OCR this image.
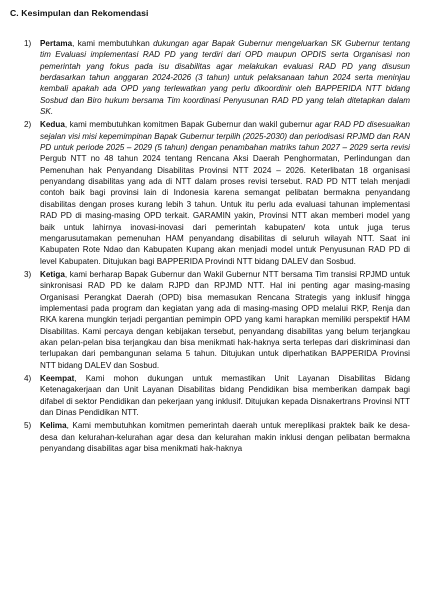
C. Kesimpulan dan Rekomendasi
1) Pertama, kami membutuhkan dukungan agar Bapak Gubernur mengeluarkan SK Gubernur tentang tim Evaluasi implementasi RAD PD yang terdiri dari OPD maupun OPDIS serta Organisasi non pemerintah yang fokus pada isu disabilitas agar melakukan evaluasi RAD PD yang disusun berdasarkan tahun anggaran 2024-2026 (3 tahun) untuk pelaksanaan tahun 2024 serta meninjau kembali apakah ada OPD yang terlewatkan yang perlu dikoordinir oleh BAPPERIDA NTT bidang Sosbud dan Biro hukum bersama Tim koordinasi Penyusunan RAD PD yang telah ditetapkan dalam SK.
2) Kedua, kami membutuhkan komitmen Bapak Gubernur dan wakil gubernur agar RAD PD disesuaikan sejalan visi misi kepemimpinan Bapak Gubernur terpilih (2025-2030) dan periodisasi RPJMD dan RAN PD untuk periode 2025 – 2029 (5 tahun) dengan penambahan matriks tahun 2027 – 2029 serta revisi Pergub NTT no 48 tahun 2024 tentang Rencana Aksi Daerah Penghormatan, Perlindungan dan Pemenuhan hak Penyandang Disabilitas Provinsi NTT 2024 – 2026. Keterlibatan 18 organisasi penyandang disabilitas yang ada di NTT dalam proses revisi tersebut. RAD PD NTT telah menjadi contoh baik bagi provinsi lain di Indonesia karena semangat pelibatan bermakna penyandang disabilitas dengan proses kurang lebih 3 tahun. Untuk itu perlu ada evaluasi tahunan implementasi RAD PD di masing-masing OPD terkait. GARAMIN yakin, Provinsi NTT akan memberi model yang baik untuk lahirnya inovasi-inovasi dari pemerintah kabupaten/ kota untuk juga terus mengarusutamakan pemenuhan HAM penyandang disabilitas di seluruh wilayah NTT. Saat ini Kabupaten Rote Ndao dan Kabupaten Kupang akan menjadi model untuk Penyusunan RAD PD di level Kabupaten. Ditujukan bagi BAPPERIDA Provindi NTT bidang DALEV dan Sosbud.
3) Ketiga, kami berharap Bapak Gubernur dan Wakil Gubernur NTT bersama Tim transisi RPJMD untuk sinkronisasi RAD PD ke dalam RJPD dan RPJMD NTT. Hal ini penting agar masing-masing Organisasi Perangkat Daerah (OPD) bisa memasukan Rencana Strategis yang inklusif hingga implementasi pada program dan kegiatan yang ada di masing-masing OPD melalui RKP, Renja dan RKA karena mungkin terjadi pergantian pemimpin OPD yang kami harapkan memiliki perspektif HAM Disabilitas. Kami percaya dengan kebijakan tersebut, penyandang disabilitas yang belum terjangkau akan pelan-pelan bisa terjangkau dan bisa menikmati hak-haknya serta terlepas dari diskriminasi dan terlupakan dari pembangunan selama 5 tahun. Ditujukan untuk diperhatikan BAPPERIDA Provinsi NTT bidang DALEV dan Sosbud.
4) Keempat, Kami mohon dukungan untuk memastikan Unit Layanan Disabilitas Bidang Ketenagakerjaan dan Unit Layanan Disabilitas bidang Pendidikan bisa memberikan dampak bagi difabel di sektor Pendidikan dan pekerjaan yang inklusif. Ditujukan kepada Disnakertrans Provinsi NTT dan Dinas Pendidikan NTT.
5) Kelima, Kami membutuhkan komitmen pemerintah daerah untuk mereplikasi praktek baik ke desa-desa dan kelurahan-kelurahan agar desa dan kelurahan makin inklusi dengan pelibatan bermakna penyandang disabilitas agar bisa menikmati hak-haknya
